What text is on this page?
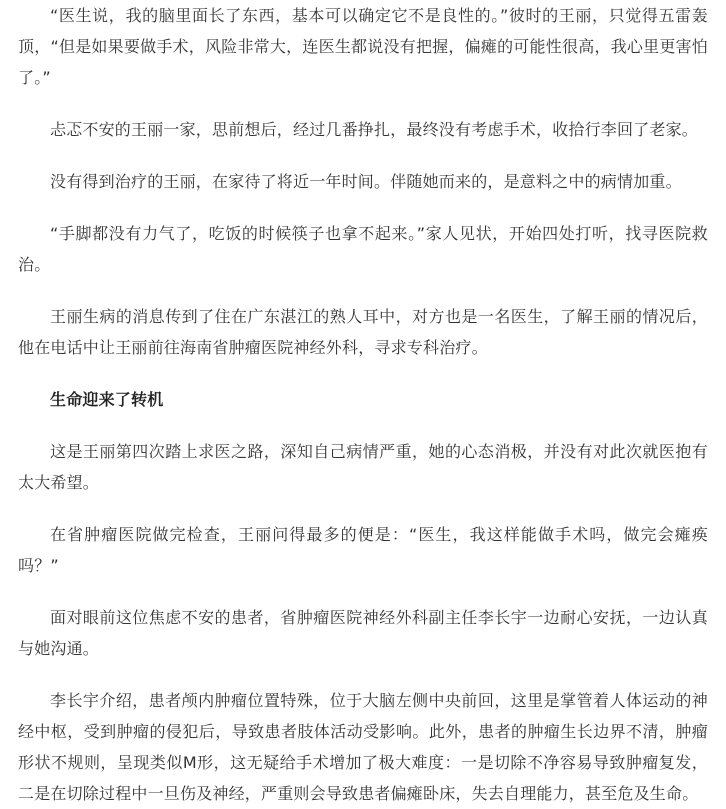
“医生说，我的脑里面长了东西，基本可以确定它不是良性的。”彼时的王丽，只觉得五雷轰顶，“但是如果要做手术，风险非常大，连医生都说没有把握，偏瘫的可能性很高，我心里更害怕了。”

忐忑不安的王丽一家，思前想后，经过几番挣扎，最终没有考虑手术，收拾行李回了老家。

没有得到治疗的王丽，在家待了将近一年时间。伴随她而来的，是意料之中的病情加重。

“手脚都没有力气了，吃饭的时候筷子也拿不起来。”家人见状，开始四处打听，找寻医院救治。

王丽生病的消息传到了住在广东湛江的熟人耳中，对方也是一名医生，了解王丽的情况后，他在电话中让王丽前往海南省肿瘤医院神经外科，寻求专科治疗。

生命迎来了转机

这是王丽第四次踏上求医之路，深知自己病情严重，她的心态消极，并没有对此次就医抱有太大希望。

在省肿瘤医院做完检查，王丽问得最多的便是：“医生，我这样能做手术吗，做完会瘫痪吗？”

面对眼前这位焦虑不安的患者，省肿瘤医院神经外科副主任李长宇一边耐心安抚，一边认真与她沟通。

李长宇介绍，患者颅内肿瘤位置特殊，位于大脑左侧中央前回，这里是掌管着人体运动的神经中枢，受到肿瘤的侵犯后，导致患者肢体活动受影响。此外，患者的肿瘤生长边界不清，肿瘤形状不规则，呈现类似M形，这无疑给手术增加了极大难度：一是切除不净容易导致肿瘤复发，二是在切除过程中一旦伤及神经，严重则会导致患者偏瘫卧床，失去自理能力，甚至危及生命。
